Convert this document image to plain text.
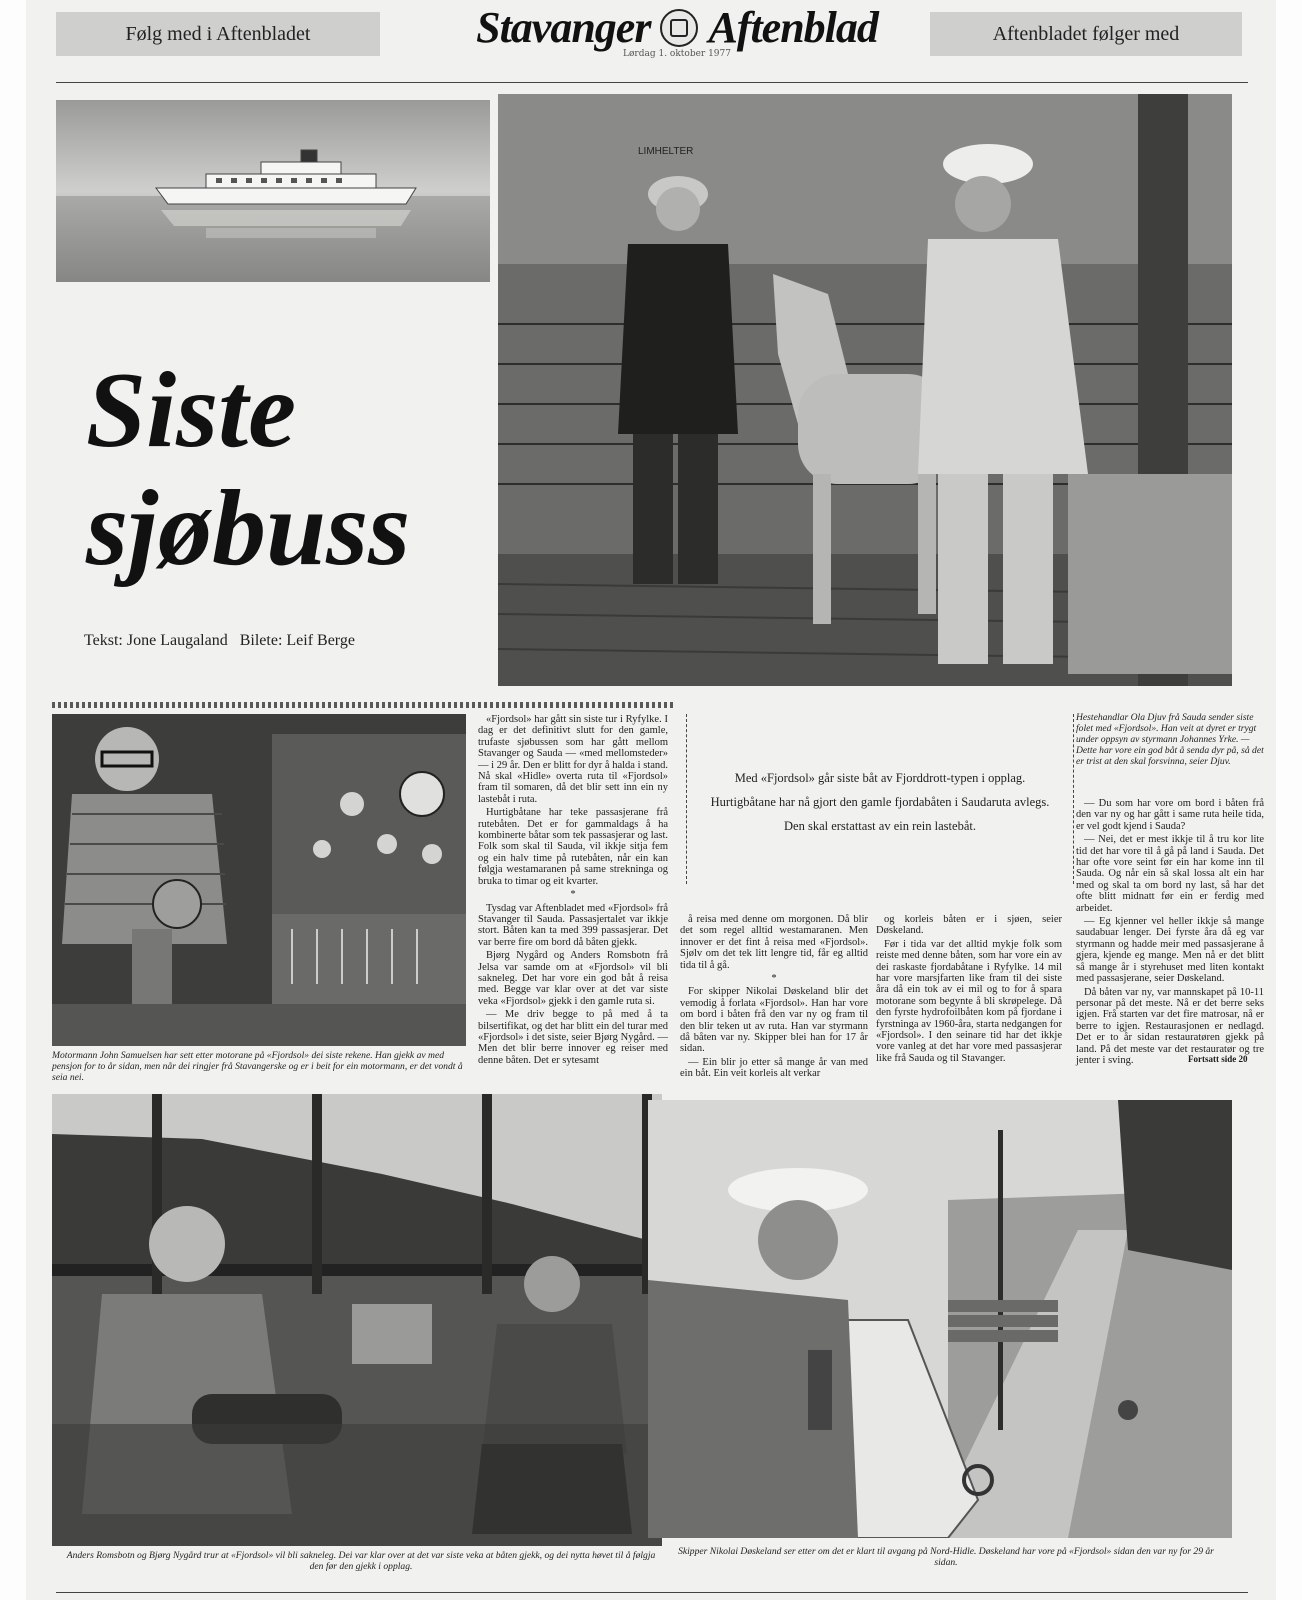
Følg med i Aftenbladet	Stavanger Aftenblad
Lørdag 1. oktober 1977
Aftenbladet følger med
LIMHELTER
Siste
sjøbuss
Tekst: Jone Laugaland   Bilete: Leif Berge
Motormann John Samuelsen har sett etter motorane på «Fjordsol» dei siste rekene. Han gjekk av med pensjon for to år sidan, men når dei ringjer frå Stavangerske og er i beit for ein motormann, er det vondt å seia nei.

«Fjordsol» har gått sin siste tur i Ryfylke. I dag er det definitivt slutt for den gamle, trufaste sjøbussen som har gått mellom Stavanger og Sauda — «med mellomsteder» — i 29 år. Den er blitt for dyr å halda i stand. Nå skal «Hidle» overta ruta til «Fjordsol» fram til somaren, då det blir sett inn ein ny lastebåt i ruta.

Hurtigbåtane har teke passasjerane frå rutebåten. Det er for gammaldags å ha kombinerte båtar som tek passasjerar og last. Folk som skal til Sauda, vil ikkje sitja fem og ein halv time på rutebåten, når ein kan følgja westamaranen på same strekninga og bruka to timar og eit kvarter.

*

Tysdag var Aftenbladet med «Fjordsol» frå Stavanger til Sauda. Passasjertalet var ikkje stort. Båten kan ta med 399 passasjerar. Det var berre fire om bord då båten gjekk.

Bjørg Nygård og Anders Romsbotn frå Jelsa var samde om at «Fjordsol» vil bli sakneleg. Det har vore ein god båt å reisa med. Begge var klar over at det var siste veka «Fjordsol» gjekk i den gamle ruta si.

— Me driv begge to på med å ta bilsertifikat, og det har blitt ein del turar med «Fjordsol» i det siste, seier Bjørg Nygård. — Men det blir berre innover eg reiser med denne båten. Det er sytesamt

Med «Fjordsol» går siste båt av Fjorddrott-typen i opplag. Hurtigbåtane har nå gjort den gamle fjordabåten i Saudaruta avlegs. Den skal erstattast av ein rein lastebåt.

å reisa med denne om morgonen. Då blir det som regel alltid westamaranen. Men innover er det fint å reisa med «Fjordsol». Sjølv om det tek litt lengre tid, får eg alltid tida til å gå.

*

For skipper Nikolai Døskeland blir det vemodig å forlata «Fjordsol». Han har vore om bord i båten frå den var ny og fram til den blir teken ut av ruta. Han var styrmann då båten var ny. Skipper blei han for 17 år sidan.

— Ein blir jo etter så mange år van med ein båt. Ein veit korleis alt verkar

og korleis båten er i sjøen, seier Døskeland.

Før i tida var det alltid mykje folk som reiste med denne båten, som har vore ein av dei raskaste fjordabåtane i Ryfylke. 14 mil har vore marsjfarten like fram til dei siste åra då ein tok av ei mil og to for å spara motorane som begynte å bli skrøpelege. Då den fyrste hydrofoilbåten kom på fjordane i fyrstninga av 1960-åra, starta nedgangen for «Fjordsol». I den seinare tid har det ikkje vore vanleg at det har vore med passasjerar like frå Sauda og til Stavanger.

Hestehandlar Ola Djuv frå Sauda sender siste folet med «Fjordsol». Han veit at dyret er trygt under oppsyn av styrmann Johannes Yrke. — Dette har vore ein god båt å senda dyr på, så det er trist at den skal forsvinna, seier Djuv.

— Du som har vore om bord i båten frå den var ny og har gått i same ruta heile tida, er vel godt kjend i Sauda?

— Nei, det er mest ikkje til å tru kor lite tid det har vore til å gå på land i Sauda. Det har ofte vore seint før ein har kome inn til Sauda. Og når ein så skal lossa alt ein har med og skal ta om bord ny last, så har det ofte blitt midnatt før ein er ferdig med arbeidet.

— Eg kjenner vel heller ikkje så mange saudabuar lenger. Dei fyrste åra då eg var styrmann og hadde meir med passasjerane å gjera, kjende eg mange. Men nå er det blitt så mange år i styrehuset med liten kontakt med passasjerane, seier Døskeland.

Då båten var ny, var mannskapet på 10-11 personar på det meste. Nå er det berre seks igjen. Frå starten var det fire matrosar, nå er berre to igjen. Restaurasjonen er nedlagd. Det er to år sidan restauratøren gjekk på land. På det meste var det restauratør og tre jenter i sving.	Fortsatt side 20
Anders Romsbotn og Bjørg Nygård trur at «Fjordsol» vil bli sakneleg. Dei var klar over at det var siste veka at båten gjekk, og dei nytta høvet til å følgja den før den gjekk i opplag.
Skipper Nikolai Døskeland ser etter om det er klart til avgang på Nord-Hidle. Døskeland har vore på «Fjordsol» sidan den var ny for 29 år sidan.
